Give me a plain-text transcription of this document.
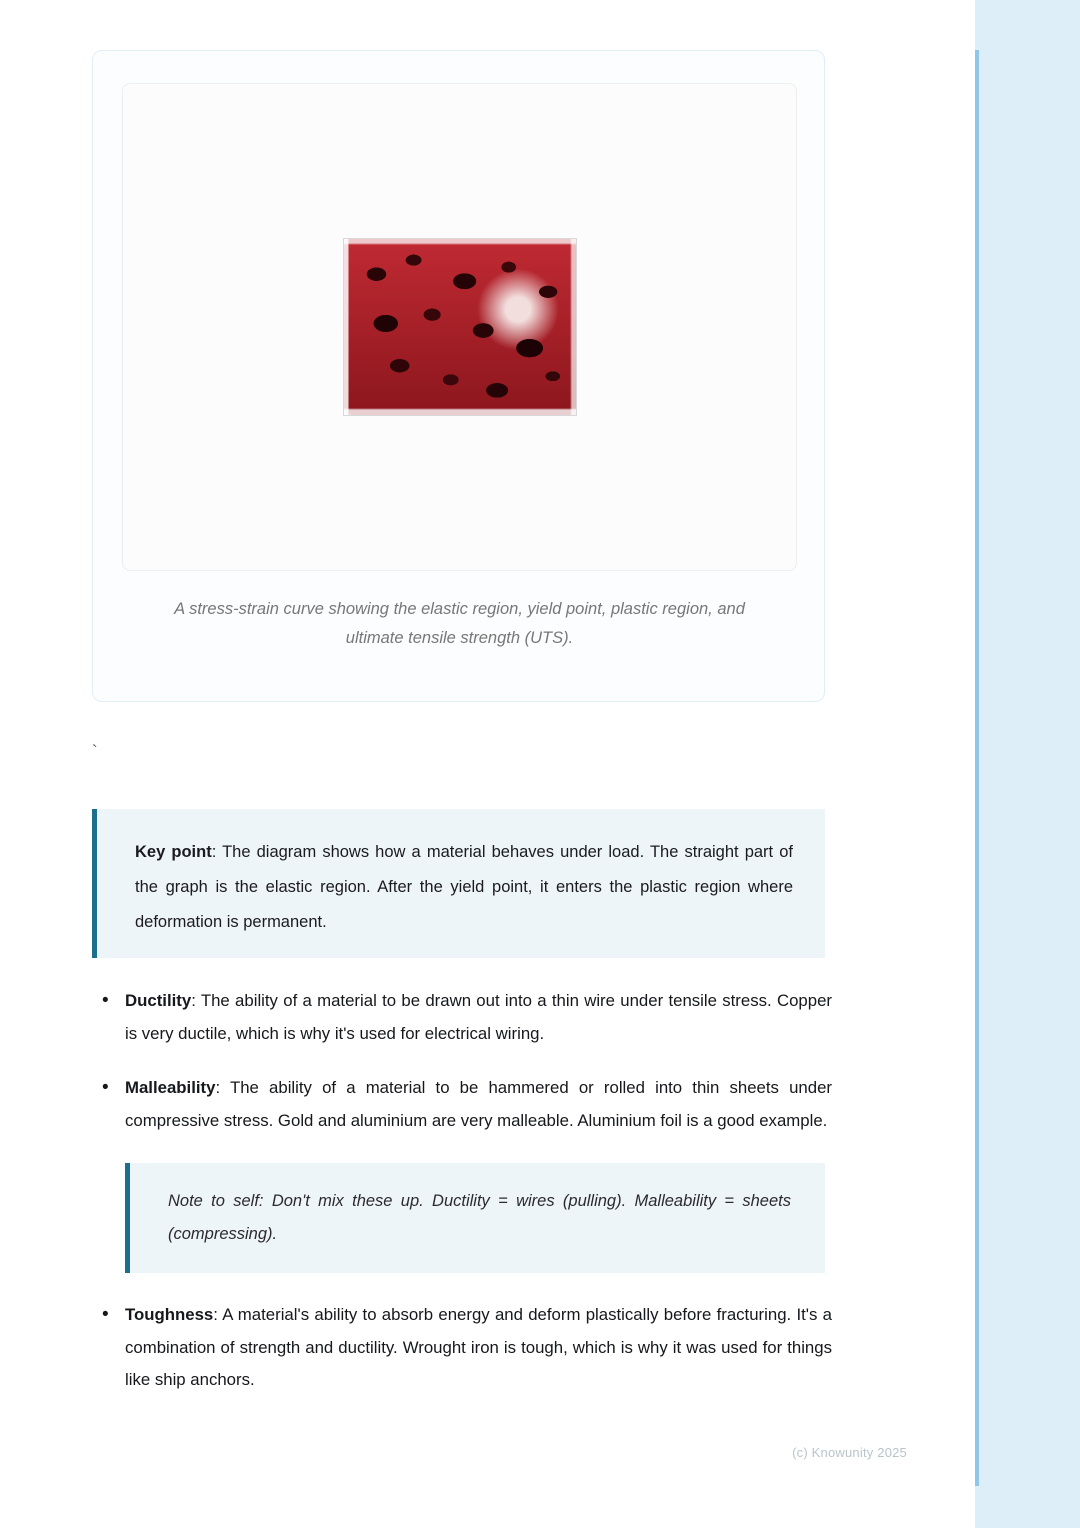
A stress-strain curve showing the elastic region, yield point, plastic region, and ultimate tensile strength (UTS).
`
Key point: The diagram shows how a material behaves under load. The straight part of the graph is the elastic region. After the yield point, it enters the plastic region where deformation is permanent.
• Ductility: The ability of a material to be drawn out into a thin wire under tensile stress. Copper is very ductile, which is why it's used for electrical wiring.
• Malleability: The ability of a material to be hammered or rolled into thin sheets under compressive stress. Gold and aluminium are very malleable. Aluminium foil is a good example.
Note to self: Don't mix these up. Ductility = wires (pulling). Malleability = sheets (compressing).
• Toughness: A material's ability to absorb energy and deform plastically before fracturing. It's a combination of strength and ductility. Wrought iron is tough, which is why it was used for things like ship anchors.
(c) Knowunity 2025
